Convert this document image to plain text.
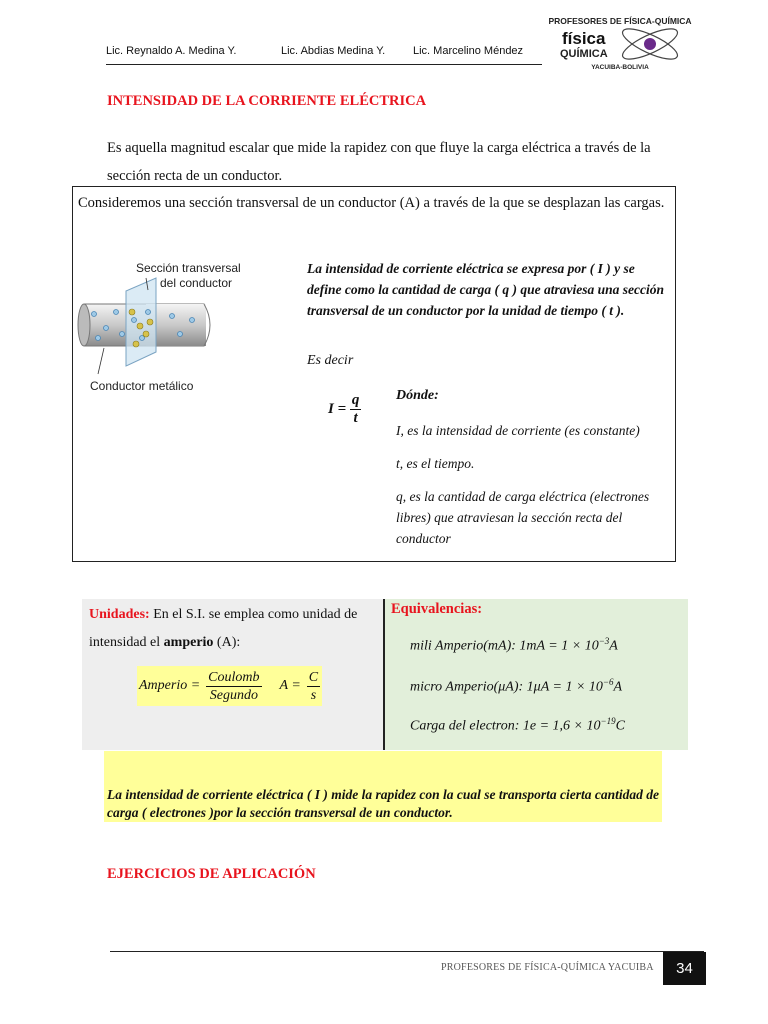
Lic. Reynaldo A. Medina Y.	Lic. Abdias Medina Y.	Lic. Marcelino Méndez
PROFESORES DE FÍSICA-QUÍMICA
física
QUÍMICA
YACUIBA-BOLIVIA
INTENSIDAD DE LA CORRIENTE ELÉCTRICA
Es aquella magnitud escalar que mide la rapidez con que fluye la carga eléctrica a través de la sección recta de un conductor.
Consideremos una sección transversal de un conductor (A) a través de la que se desplazan las cargas.
Sección transversal
del conductor
Conductor metálico
La intensidad de corriente eléctrica se expresa por ( I ) y se define como la cantidad de carga ( q ) que atraviesa una sección transversal de un conductor por la unidad de tiempo ( t ).
Es decir
$I = \frac{q}{t}$ Dónde:
I, es la intensidad de corriente (es constante)
t, es el tiempo.
q, es la cantidad de carga eléctrica (electrones libres) que atraviesan la sección recta del conductor
Unidades: En el S.I. se emplea como unidad de intensidad el amperio (A):
Amperio = $\frac{\text{Coulomb}}{\text{Segundo}}$ $A = \frac{C}{s}$
Equivalencias:
mili Amperio(mA): $1mA = 1 \times 10^{-3}A$
micro Amperio(μA): $1\mu A = 1 \times 10^{-6}A$
Carga del electron: $1e = 1,6 \times 10^{-19}C$
La intensidad de corriente eléctrica ( I ) mide la rapidez con la cual se transporta cierta cantidad de carga ( electrones )por la sección transversal de un conductor.
EJERCICIOS DE APLICACIÓN
PROFESORES DE FÍSICA-QUÍMICA YACUIBA	34
